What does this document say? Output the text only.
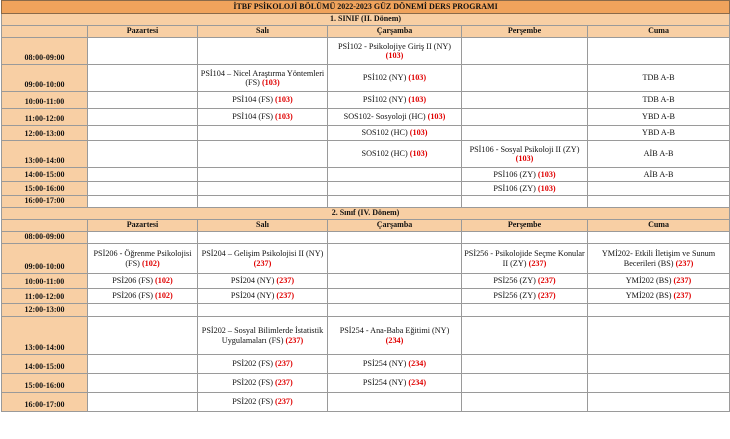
İTBF PSİKOLOJİ BÖLÜMÜ 2022-2023 GÜZ DÖNEMİ DERS PROGRAMI					
1. SINIF (II. Dönem)					
	Pazartesi	Salı	Çarşamba	Perşembe	Cuma
08:00-09:00			PSİ102 - Psikolojiye Giriş II (NY) (103)		
09:00-10:00		PSİ104 – Nicel Araştırma Yöntemleri (FS) (103)	PSİ102 (NY) (103)		TDB A-B
10:00-11:00		PSİ104 (FS) (103)	PSİ102 (NY) (103)		TDB A-B
11:00-12:00		PSİ104 (FS) (103)	SOS102- Sosyoloji (HC) (103)		YBD A-B
12:00-13:00			SOS102 (HC) (103)		YBD A-B
13:00-14:00			SOS102 (HC) (103)	PSİ106 - Sosyal Psikoloji II (ZY) (103)	AİB A-B
14:00-15:00				PSİ106 (ZY) (103)	AİB A-B
15:00-16:00				PSİ106 (ZY) (103)	
16:00-17:00					
2. Sınıf (IV. Dönem)					
	Pazartesi	Salı	Çarşamba	Perşembe	Cuma
08:00-09:00					
09:00-10:00	PSİ206 - Öğrenme Psikolojisi (FS) (102)	PSİ204 – Gelişim Psikolojisi II (NY) (237)		PSİ256 - Psikolojide Seçme Konular II (ZY) (237)	YMİ202- Etkili İletişim ve Sunum Becerileri (BS) (237)
10:00-11:00	PSİ206 (FS) (102)	PSİ204 (NY) (237)		PSİ256 (ZY) (237)	YMİ202 (BS) (237)
11:00-12:00	PSİ206 (FS) (102)	PSİ204 (NY) (237)		PSİ256 (ZY) (237)	YMİ202 (BS) (237)
12:00-13:00					
13:00-14:00		PSİ202 – Sosyal Bilimlerde İstatistik Uygulamaları (FS) (237)	PSİ254 - Ana-Baba Eğitimi (NY) (234)		
14:00-15:00		PSİ202 (FS) (237)	PSİ254 (NY) (234)		
15:00-16:00		PSİ202 (FS) (237)	PSİ254 (NY) (234)		
16:00-17:00		PSİ202 (FS) (237)			
